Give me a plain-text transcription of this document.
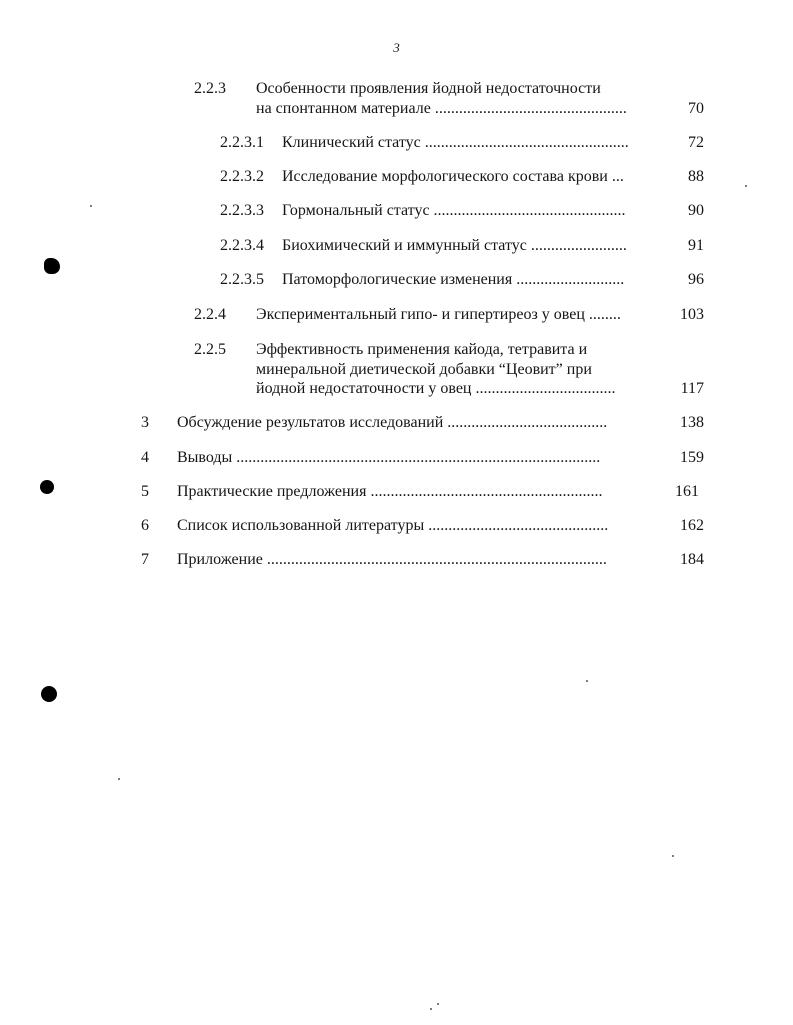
3
2.2.3 Особенности проявления йодной недостаточности
на спонтанном материале ................................................	70
2.2.3.1 Клинический статус ...................................................	72
2.2.3.2 Исследование морфологического состава крови ...	88
2.2.3.3 Гормональный статус ................................................	90
2.2.3.4 Биохимический и иммунный статус ........................	91
2.2.3.5 Патоморфологические изменения ...........................	96
2.2.4 Экспериментальный гипо- и гипертиреоз у овец ........	103
2.2.5 Эффективность применения кайода, тетравита и
минеральной диетической добавки “Цеовит” при
йодной недостаточности у овец ...................................	117
3 Обсуждение результатов исследований ........................................	138
4 Выводы ...........................................................................................	159
5 Практические предложения ..........................................................	161
6 Список использованной литературы .............................................	162
7 Приложение .....................................................................................	184
